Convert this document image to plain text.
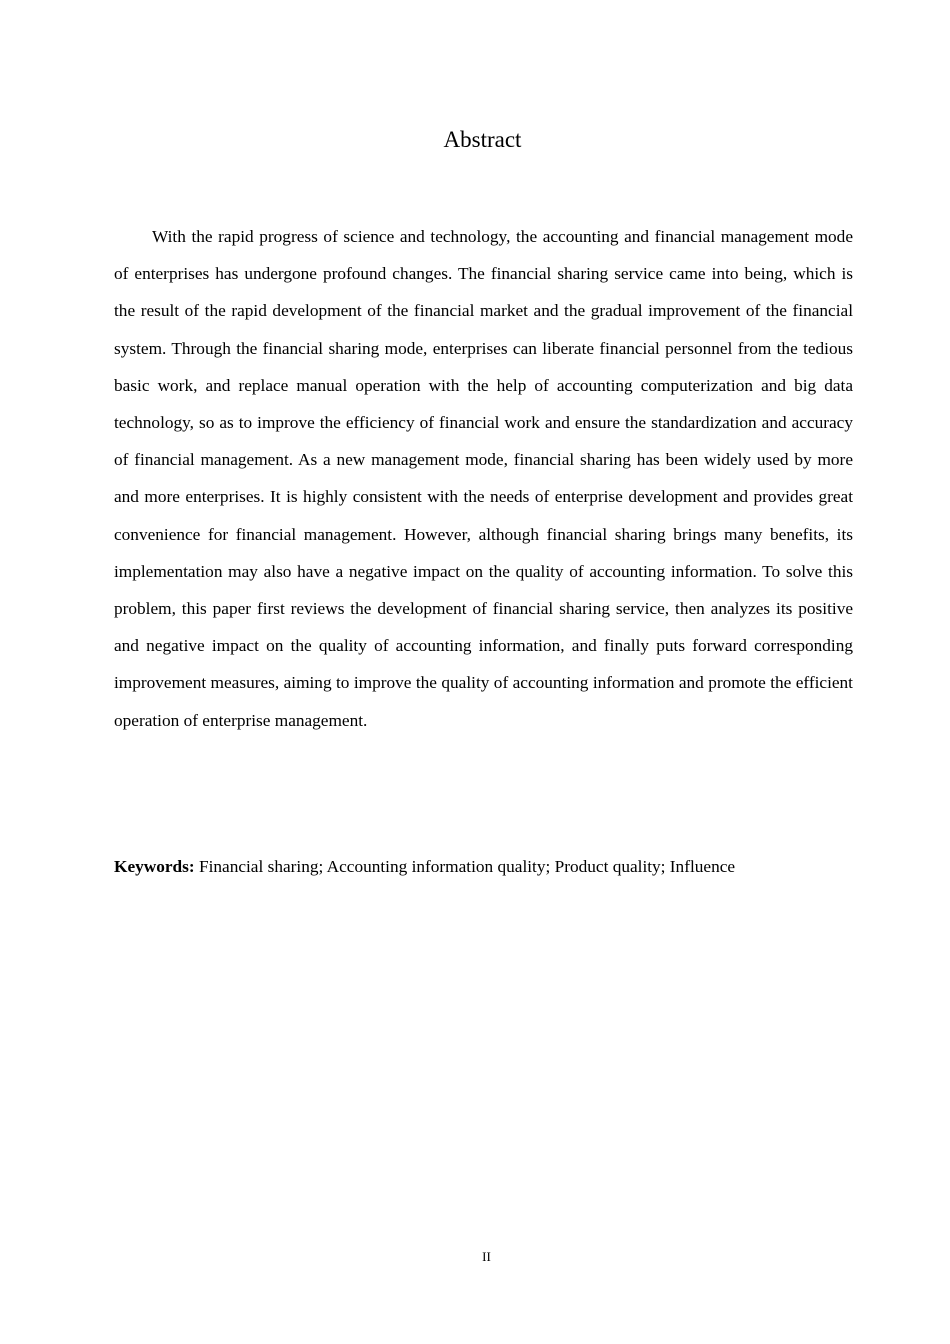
Abstract

With the rapid progress of science and technology, the accounting and financial management mode of enterprises has undergone profound changes. The financial sharing service came into being, which is the result of the rapid development of the financial market and the gradual improvement of the financial system. Through the financial sharing mode, enterprises can liberate financial personnel from the tedious basic work, and replace manual operation with the help of accounting computerization and big data technology, so as to improve the efficiency of financial work and ensure the standardization and accuracy of financial management. As a new management mode, financial sharing has been widely used by more and more enterprises. It is highly consistent with the needs of enterprise development and provides great convenience for financial management. However, although financial sharing brings many benefits, its implementation may also have a negative impact on the quality of accounting information. To solve this problem, this paper first reviews the development of financial sharing service, then analyzes its positive and negative impact on the quality of accounting information, and finally puts forward corresponding improvement measures, aiming to improve the quality of accounting information and promote the efficient operation of enterprise management.

Keywords: Financial sharing; Accounting information quality; Product quality; Influence

II
